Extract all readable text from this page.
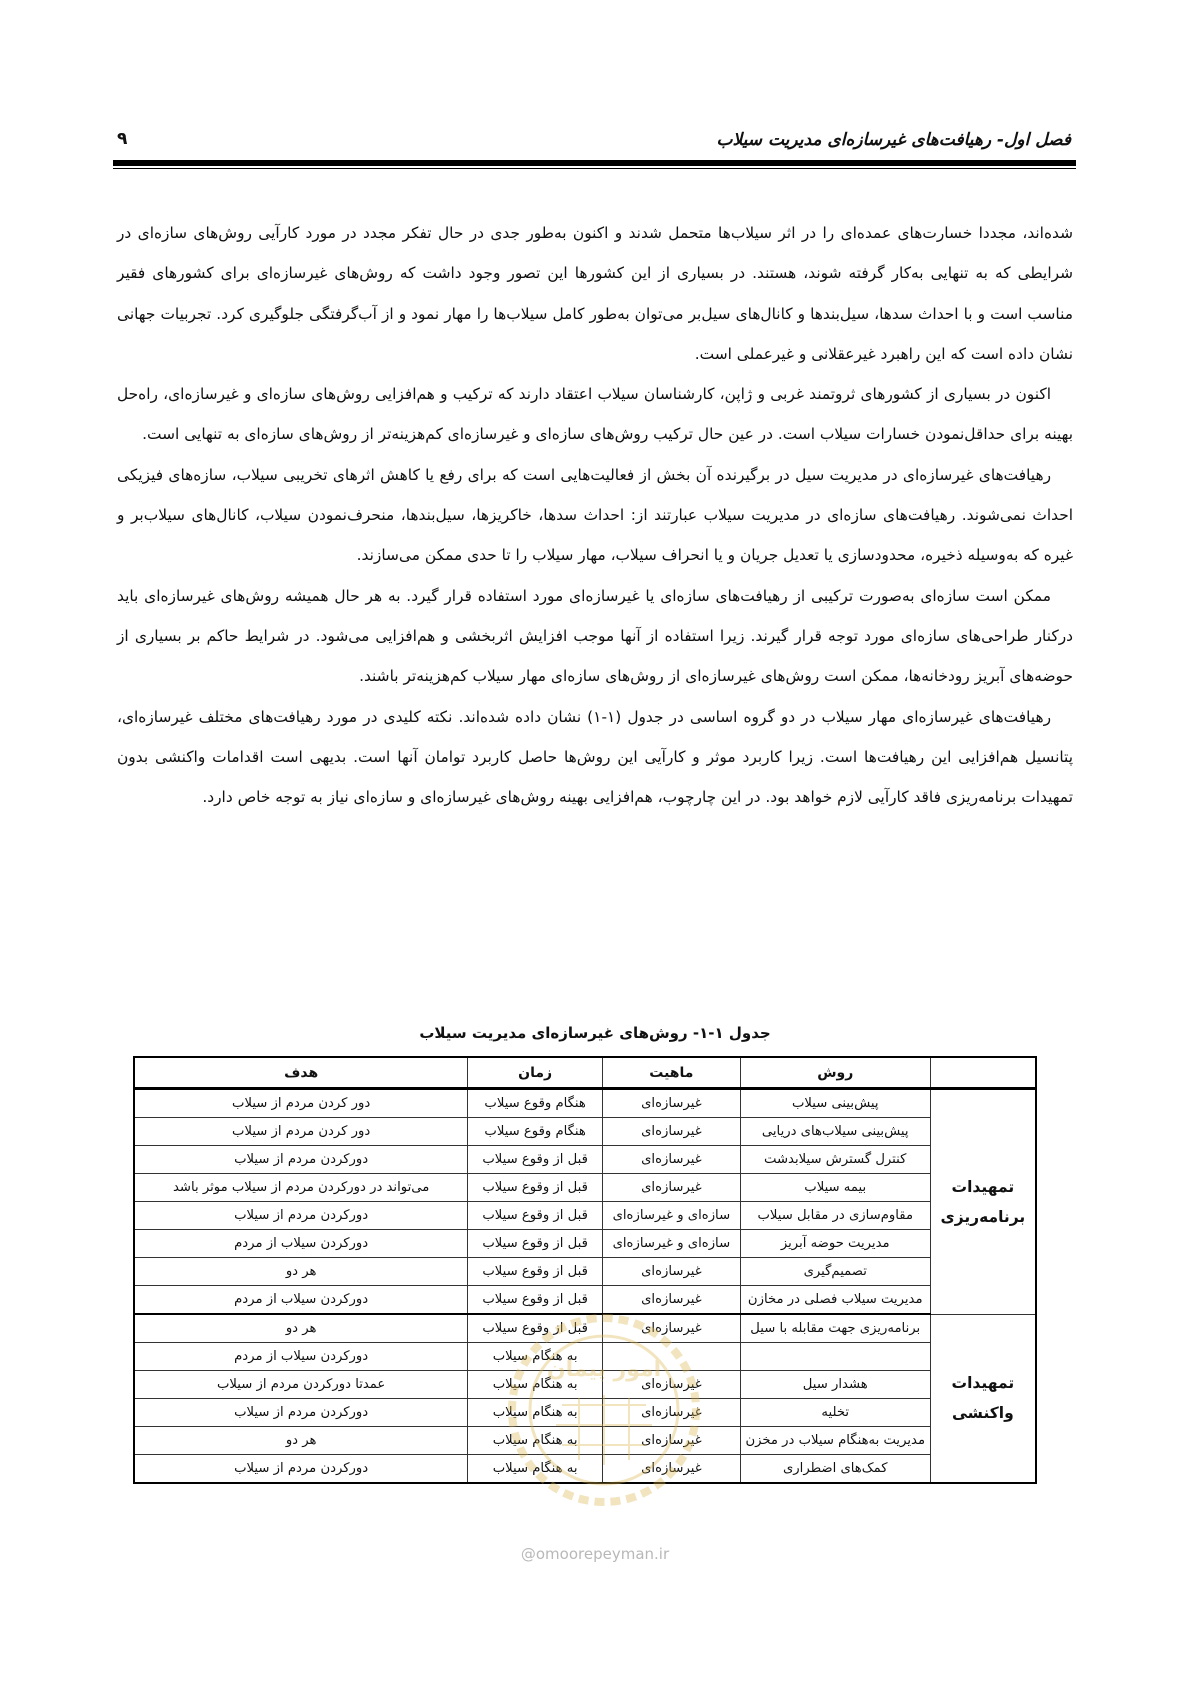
فصل اول- رهیافت‌های غیرسازه‌ای مدیریت سیلاب
۹

شده‌اند، مجددا خسارت‌های عمده‌ای را در اثر سیلاب‌ها متحمل شدند و اکنون به‌طور جدی در حال تفکر مجدد در مورد کارآیی روش‌های سازه‌ای در شرایطی که به تنهایی به‌کار گرفته شوند، هستند. در بسیاری از این کشورها این تصور وجود داشت که روش‌های غیرسازه‌ای برای کشورهای فقیر مناسب است و با احداث سدها، سیل‌بندها و کانال‌های سیل‌بر می‌توان به‌طور کامل سیلاب‌ها را مهار نمود و از آب‌گرفتگی جلوگیری کرد. تجربیات جهانی نشان داده است که این راهبرد غیرعقلانی و غیرعملی است.

اکنون در بسیاری از کشورهای ثروتمند غربی و ژاپن، کارشناسان سیلاب اعتقاد دارند که ترکیب و هم‌افزایی روش‌های سازه‌ای و غیرسازه‌ای، راه‌حل بهینه برای حداقل‌نمودن خسارات سیلاب است. در عین حال ترکیب روش‌های سازه‌ای و غیرسازه‌ای کم‌هزینه‌تر از روش‌های سازه‌ای به تنهایی است.

رهیافت‌های غیرسازه‌ای در مدیریت سیل در برگیرنده آن بخش از فعالیت‌هایی است که برای رفع یا کاهش اثرهای تخریبی سیلاب، سازه‌های فیزیکی احداث نمی‌شوند. رهیافت‌های سازه‌ای در مدیریت سیلاب عبارتند از: احداث سدها، خاکریزها، سیل‌بندها، منحرف‌نمودن سیلاب، کانال‌های سیلاب‌بر و غیره که به‌وسیله ذخیره، محدودسازی یا تعدیل جریان و یا انحراف سیلاب، مهار سیلاب را تا حدی ممکن می‌سازند.

ممکن است سازه‌ای به‌صورت ترکیبی از رهیافت‌های سازه‌ای یا غیرسازه‌ای مورد استفاده قرار گیرد. به هر حال همیشه روش‌های غیرسازه‌ای باید درکنار طراحی‌های سازه‌ای مورد توجه قرار گیرند. زیرا استفاده از آنها موجب افزایش اثربخشی و هم‌افزایی می‌شود. در شرایط حاکم بر بسیاری از حوضه‌های آبریز رودخانه‌ها، ممکن است روش‌های غیرسازه‌ای از روش‌های سازه‌ای مهار سیلاب کم‌هزینه‌تر باشند.

رهیافت‌های غیرسازه‌ای مهار سیلاب در دو گروه اساسی در جدول (۱-۱) نشان داده شده‌اند. نکته کلیدی در مورد رهیافت‌های مختلف غیرسازه‌ای، پتانسیل هم‌افزایی این رهیافت‌ها است. زیرا کاربرد موثر و کارآیی این روش‌ها حاصل کاربرد توامان آنها است. بدیهی است اقدامات واکنشی بدون تمهیدات برنامه‌ریزی فاقد کارآیی لازم خواهد بود. در این چارچوب، هم‌افزایی بهینه روش‌های غیرسازه‌ای و سازه‌ای نیاز به توجه خاص دارد.

جدول ۱-۱- روش‌های غیرسازه‌ای مدیریت سیلاب
	روش	ماهیت	زمان	هدف
تمهیدات برنامه‌ریزی	پیش‌بینی سیلاب	غیرسازه‌ای	هنگام وقوع سیلاب	دور کردن مردم از سیلاب
	پیش‌بینی سیلاب‌های دریایی	غیرسازه‌ای	هنگام وقوع سیلاب	دور کردن مردم از سیلاب
	کنترل گسترش سیلابدشت	غیرسازه‌ای	قبل از وقوع سیلاب	دورکردن مردم از سیلاب
	بیمه سیلاب	غیرسازه‌ای	قبل از وقوع سیلاب	می‌تواند در دورکردن مردم از سیلاب موثر باشد
	مقاوم‌سازی در مقابل سیلاب	سازه‌ای و غیرسازه‌ای	قبل از وقوع سیلاب	دورکردن مردم از سیلاب
	مدیریت حوضه آبریز	سازه‌ای و غیرسازه‌ای	قبل از وقوع سیلاب	دورکردن سیلاب از مردم
	تصمیم‌گیری	غیرسازه‌ای	قبل از وقوع سیلاب	هر دو
	مدیریت سیلاب فصلی در مخازن	غیرسازه‌ای	قبل از وقوع سیلاب	دورکردن سیلاب از مردم
تمهیدات واکنشی	برنامه‌ریزی جهت مقابله با سیل	غیرسازه‌ای	قبل از وقوع سیلاب	هر دو
			به هنگام سیلاب	دورکردن سیلاب از مردم
	هشدار سیل	غیرسازه‌ای	به هنگام سیلاب	عمدتا دورکردن مردم از سیلاب
	تخلیه	غیرسازه‌ای	به هنگام سیلاب	دورکردن مردم از سیلاب
	مدیریت به‌هنگام سیلاب در مخزن	غیرسازه‌ای	به هنگام سیلاب	هر دو
	کمک‌های اضطراری	غیرسازه‌ای	به هنگام سیلاب	دورکردن مردم از سیلاب
امور پیمان
@omoorepeyman.ir
